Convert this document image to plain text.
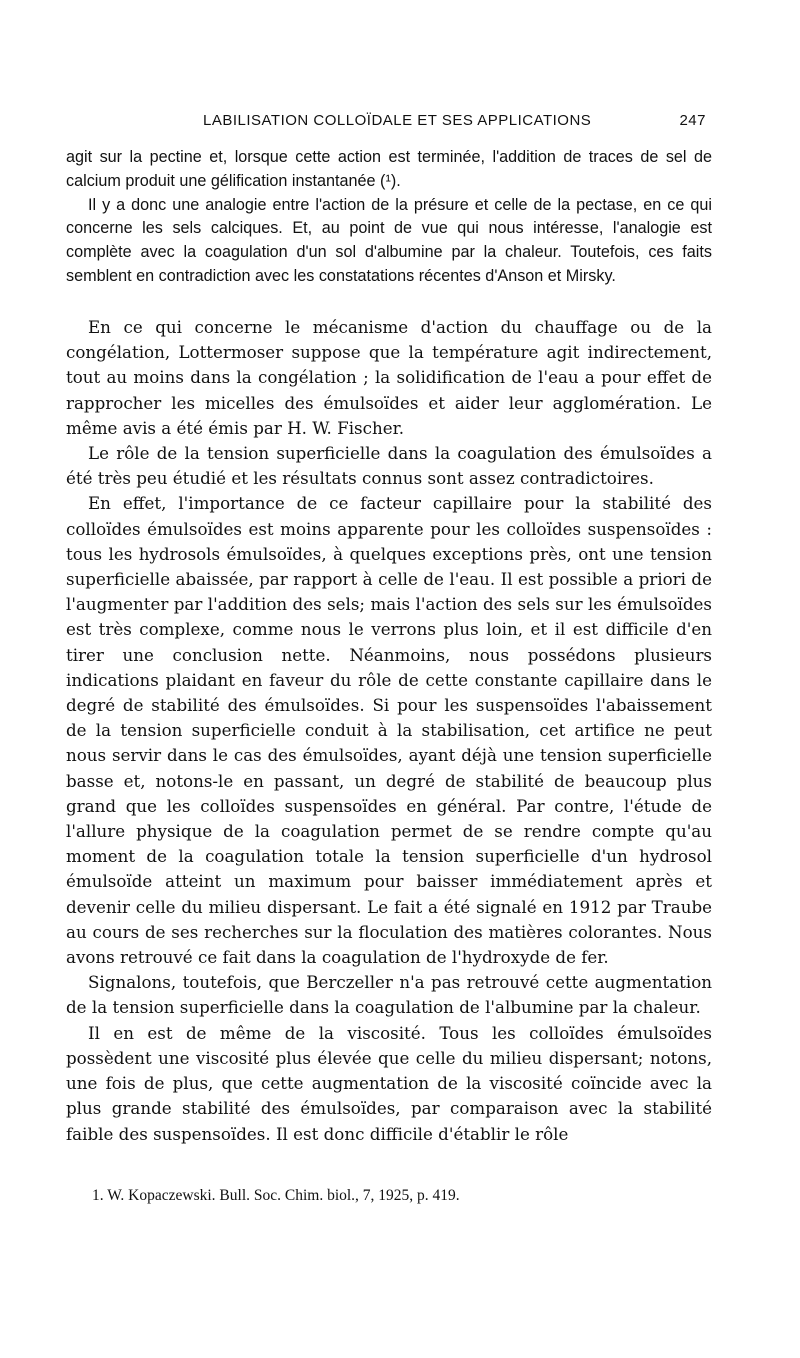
LABILISATION COLLOÏDALE ET SES APPLICATIONS	247

agit sur la pectine et, lorsque cette action est terminée, l'addition de traces de sel de calcium produit une gélification instantanée (¹).

Il y a donc une analogie entre l'action de la présure et celle de la pectase, en ce qui concerne les sels calciques. Et, au point de vue qui nous intéresse, l'analogie est complète avec la coagulation d'un sol d'albumine par la chaleur. Toutefois, ces faits semblent en contradiction avec les constatations récentes d'Anson et Mirsky.

En ce qui concerne le mécanisme d'action du chauffage ou de la congélation, Lottermoser suppose que la température agit indirectement, tout au moins dans la congélation ; la solidification de l'eau a pour effet de rapprocher les micelles des émulsoïdes et aider leur agglomération. Le même avis a été émis par H. W. Fischer.

Le rôle de la tension superficielle dans la coagulation des émulsoïdes a été très peu étudié et les résultats connus sont assez contradictoires.

En effet, l'importance de ce facteur capillaire pour la stabilité des colloïdes émulsoïdes est moins apparente pour les colloïdes suspensoïdes : tous les hydrosols émulsoïdes, à quelques exceptions près, ont une tension superficielle abaissée, par rapport à celle de l'eau. Il est possible a priori de l'augmenter par l'addition des sels; mais l'action des sels sur les émulsoïdes est très complexe, comme nous le verrons plus loin, et il est difficile d'en tirer une conclusion nette. Néanmoins, nous possédons plusieurs indications plaidant en faveur du rôle de cette constante capillaire dans le degré de stabilité des émulsoïdes. Si pour les suspensoïdes l'abaissement de la tension superficielle conduit à la stabilisation, cet artifice ne peut nous servir dans le cas des émulsoïdes, ayant déjà une tension superficielle basse et, notons-le en passant, un degré de stabilité de beaucoup plus grand que les colloïdes suspensoïdes en général. Par contre, l'étude de l'allure physique de la coagulation permet de se rendre compte qu'au moment de la coagulation totale la tension superficielle d'un hydrosol émulsoïde atteint un maximum pour baisser immédiatement après et devenir celle du milieu dispersant. Le fait a été signalé en 1912 par Traube au cours de ses recherches sur la floculation des matières colorantes. Nous avons retrouvé ce fait dans la coagulation de l'hydroxyde de fer.

Signalons, toutefois, que Berczeller n'a pas retrouvé cette augmentation de la tension superficielle dans la coagulation de l'albumine par la chaleur.

Il en est de même de la viscosité. Tous les colloïdes émulsoïdes possèdent une viscosité plus élevée que celle du milieu dispersant; notons, une fois de plus, que cette augmentation de la viscosité coïncide avec la plus grande stabilité des émulsoïdes, par comparaison avec la stabilité faible des suspensoïdes. Il est donc difficile d'établir le rôle

1. W. Kopaczewski. Bull. Soc. Chim. biol., 7, 1925, p. 419.
